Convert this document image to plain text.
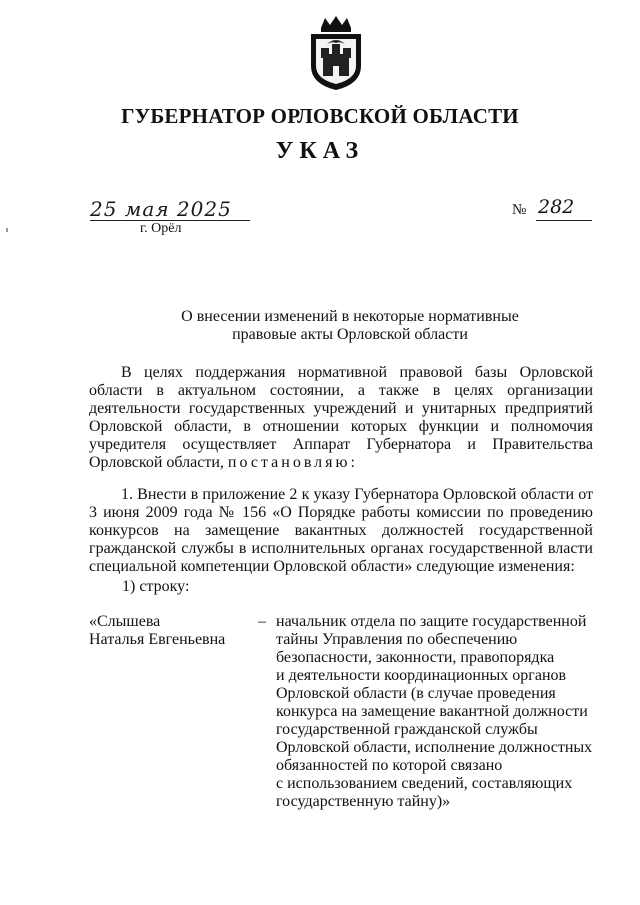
ГУБЕРНАТОР ОРЛОВСКОЙ ОБЛАСТИ
УКАЗ
25 мая 2025	№ 282
г. Орёл
О внесении изменений в некоторые нормативные
правовые акты Орловской области
В целях поддержания нормативной правовой базы Орловской области в актуальном состоянии, а также в целях организации деятельности государственных учреждений и унитарных предприятий Орловской области, в отношении которых функции и полномочия учредителя осуществляет Аппарат Губернатора и Правительства Орловской области, постановляю:
1. Внести в приложение 2 к указу Губернатора Орловской области от 3 июня 2009 года № 156 «О Порядке работы комиссии по проведению конкурсов на замещение вакантных должностей государственной гражданской службы в исполнительных органах государственной власти специальной компетенции Орловской области» следующие изменения:
1) строку:
«Слышева
Наталья Евгеньевна
– начальник отдела по защите государственной
тайны Управления по обеспечению
безопасности, законности, правопорядка
и деятельности координационных органов
Орловской области (в случае проведения
конкурса на замещение вакантной должности
государственной гражданской службы
Орловской области, исполнение должностных
обязанностей по которой связано
с использованием сведений, составляющих
государственную тайну)»
